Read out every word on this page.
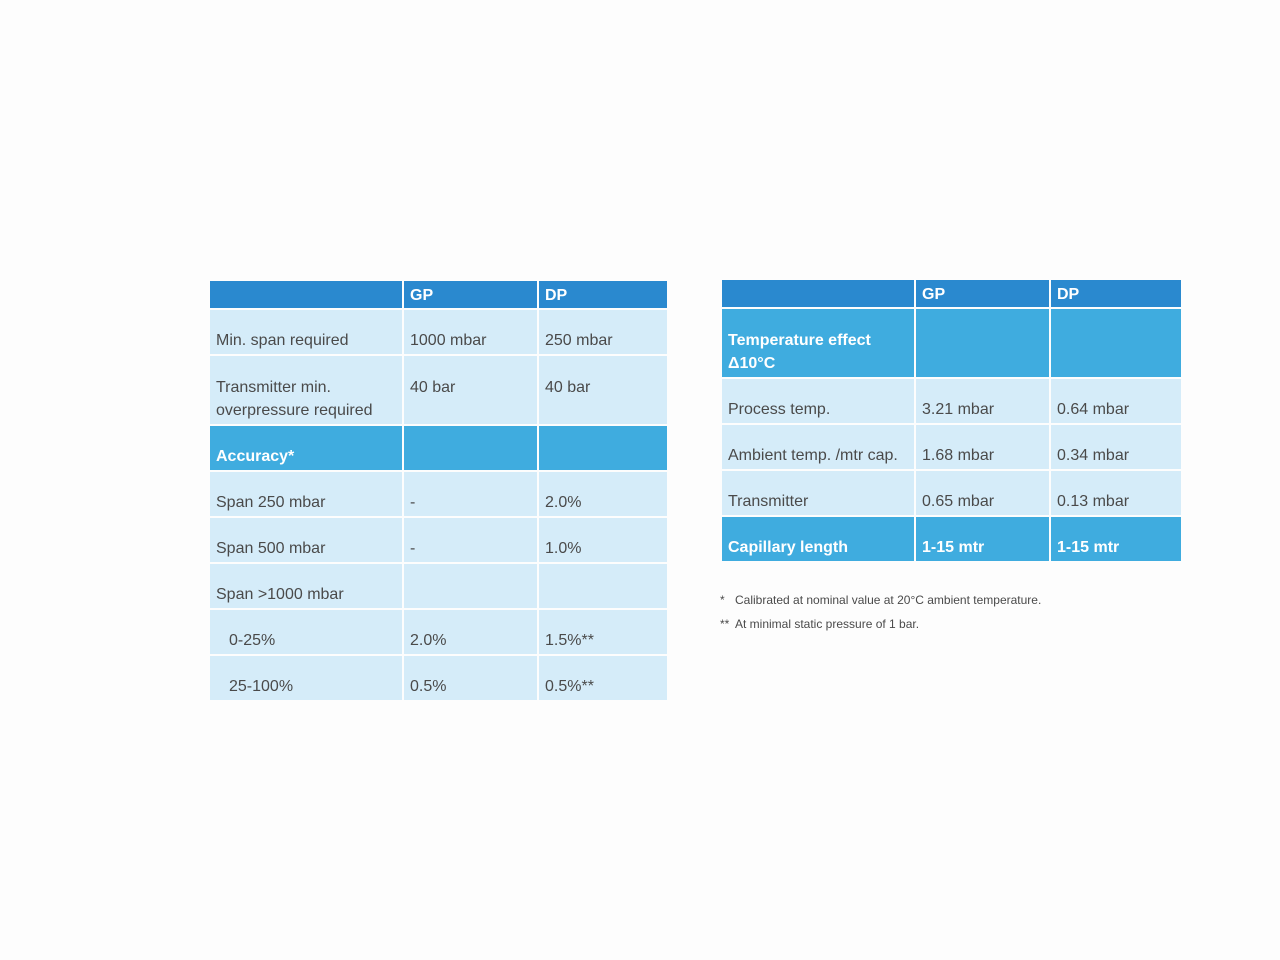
	GP	DP
Min. span required	1000 mbar	250 mbar
Transmitter min.
overpressure required	40 bar	40 bar

Accuracy*		
Span 250 mbar	-	2.0%
Span 500 mbar	-	1.0%
Span >1000 mbar		
0-25%	2.0%	1.5%**
25-100%	0.5%	0.5%**
	GP	DP
Temperature effect
Δ10°C		
Process temp.	3.21 mbar	0.64 mbar
Ambient temp. /mtr cap.	1.68 mbar	0.34 mbar
Transmitter	0.65 mbar	0.13 mbar
Capillary length	1-15 mtr	1-15 mtr
* Calibrated at nominal value at 20°C ambient temperature.
** At minimal static pressure of 1 bar.
